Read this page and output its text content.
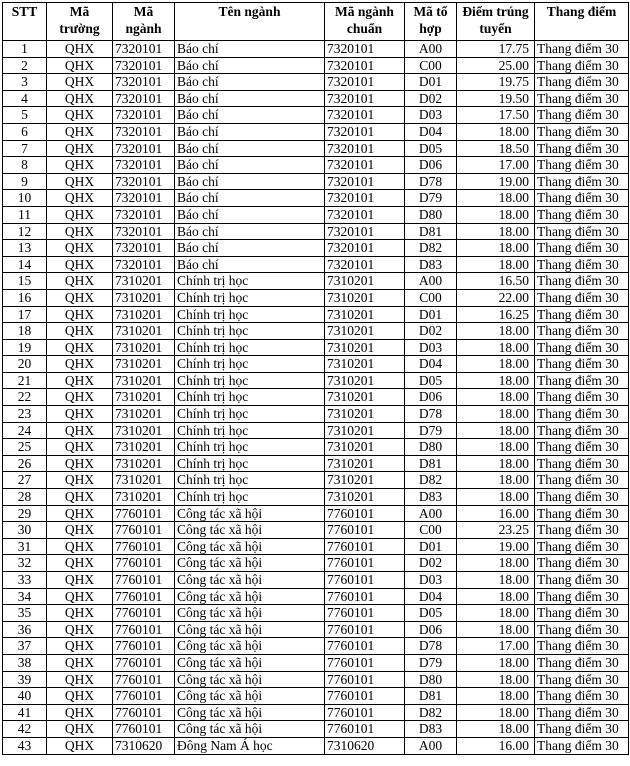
STT	Mã trường	Mã ngành	Tên ngành	Mã ngành chuẩn	Mã tổ hợp	Điểm trúng tuyển	Thang điểm
1	QHX	7320101	Báo chí	7320101	A00	17.75	Thang điểm 30
2	QHX	7320101	Báo chí	7320101	C00	25.00	Thang điểm 30
3	QHX	7320101	Báo chí	7320101	D01	19.75	Thang điểm 30
4	QHX	7320101	Báo chí	7320101	D02	19.50	Thang điểm 30
5	QHX	7320101	Báo chí	7320101	D03	17.50	Thang điểm 30
6	QHX	7320101	Báo chí	7320101	D04	18.00	Thang điểm 30
7	QHX	7320101	Báo chí	7320101	D05	18.50	Thang điểm 30
8	QHX	7320101	Báo chí	7320101	D06	17.00	Thang điểm 30
9	QHX	7320101	Báo chí	7320101	D78	19.00	Thang điểm 30
10	QHX	7320101	Báo chí	7320101	D79	18.00	Thang điểm 30
11	QHX	7320101	Báo chí	7320101	D80	18.00	Thang điểm 30
12	QHX	7320101	Báo chí	7320101	D81	18.00	Thang điểm 30
13	QHX	7320101	Báo chí	7320101	D82	18.00	Thang điểm 30
14	QHX	7320101	Báo chí	7320101	D83	18.00	Thang điểm 30
15	QHX	7310201	Chính trị học	7310201	A00	16.50	Thang điểm 30
16	QHX	7310201	Chính trị học	7310201	C00	22.00	Thang điểm 30
17	QHX	7310201	Chính trị học	7310201	D01	16.25	Thang điểm 30
18	QHX	7310201	Chính trị học	7310201	D02	18.00	Thang điểm 30
19	QHX	7310201	Chính trị học	7310201	D03	18.00	Thang điểm 30
20	QHX	7310201	Chính trị học	7310201	D04	18.00	Thang điểm 30
21	QHX	7310201	Chính trị học	7310201	D05	18.00	Thang điểm 30
22	QHX	7310201	Chính trị học	7310201	D06	18.00	Thang điểm 30
23	QHX	7310201	Chính trị học	7310201	D78	18.00	Thang điểm 30
24	QHX	7310201	Chính trị học	7310201	D79	18.00	Thang điểm 30
25	QHX	7310201	Chính trị học	7310201	D80	18.00	Thang điểm 30
26	QHX	7310201	Chính trị học	7310201	D81	18.00	Thang điểm 30
27	QHX	7310201	Chính trị học	7310201	D82	18.00	Thang điểm 30
28	QHX	7310201	Chính trị học	7310201	D83	18.00	Thang điểm 30
29	QHX	7760101	Công tác xã hội	7760101	A00	16.00	Thang điểm 30
30	QHX	7760101	Công tác xã hội	7760101	C00	23.25	Thang điểm 30
31	QHX	7760101	Công tác xã hội	7760101	D01	19.00	Thang điểm 30
32	QHX	7760101	Công tác xã hội	7760101	D02	18.00	Thang điểm 30
33	QHX	7760101	Công tác xã hội	7760101	D03	18.00	Thang điểm 30
34	QHX	7760101	Công tác xã hội	7760101	D04	18.00	Thang điểm 30
35	QHX	7760101	Công tác xã hội	7760101	D05	18.00	Thang điểm 30
36	QHX	7760101	Công tác xã hội	7760101	D06	18.00	Thang điểm 30
37	QHX	7760101	Công tác xã hội	7760101	D78	17.00	Thang điểm 30
38	QHX	7760101	Công tác xã hội	7760101	D79	18.00	Thang điểm 30
39	QHX	7760101	Công tác xã hội	7760101	D80	18.00	Thang điểm 30
40	QHX	7760101	Công tác xã hội	7760101	D81	18.00	Thang điểm 30
41	QHX	7760101	Công tác xã hội	7760101	D82	18.00	Thang điểm 30
42	QHX	7760101	Công tác xã hội	7760101	D83	18.00	Thang điểm 30
43	QHX	7310620	Đông Nam Á học	7310620	A00	16.00	Thang điểm 30
